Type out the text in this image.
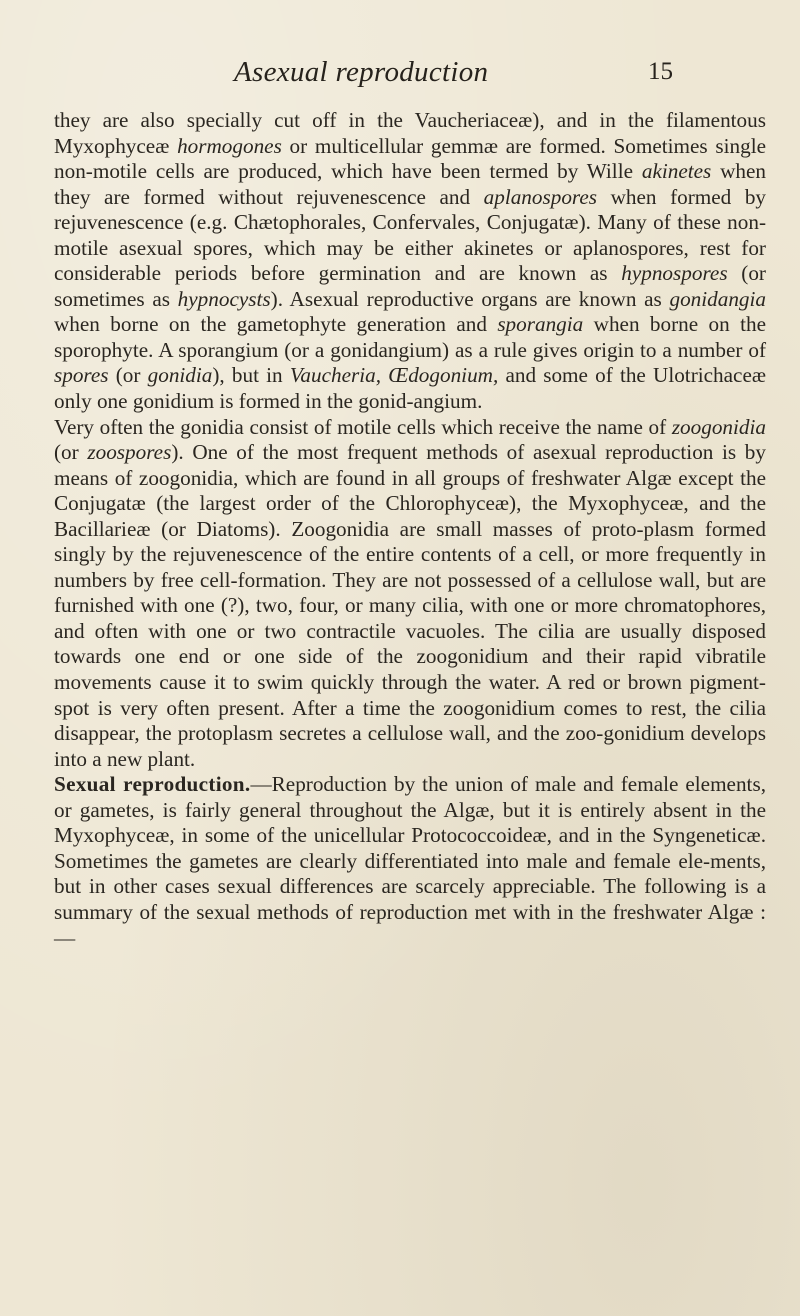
Asexual reproduction	15

they are also specially cut off in the Vaucheriaceæ), and in the filamentous Myxophyceæ hormogones or multicellular gemmæ are formed. Sometimes single non-motile cells are produced, which have been termed by Wille akinetes when they are formed without rejuvenescence and aplanospores when formed by rejuvenescence (e.g. Chætophorales, Confervales, Conjugatæ). Many of these non-motile asexual spores, which may be either akinetes or aplanospores, rest for considerable periods before germination and are known as hypnospores (or sometimes as hypnocysts). Asexual reproductive organs are known as gonidangia when borne on the gametophyte generation and sporangia when borne on the sporophyte. A sporangium (or a gonidangium) as a rule gives origin to a number of spores (or gonidia), but in Vaucheria, Œdogonium, and some of the Ulotrichaceæ only one gonidium is formed in the gonid-angium.

Very often the gonidia consist of motile cells which receive the name of zoogonidia (or zoospores). One of the most frequent methods of asexual reproduction is by means of zoogonidia, which are found in all groups of freshwater Algæ except the Conjugatæ (the largest order of the Chlorophyceæ), the Myxophyceæ, and the Bacillarieæ (or Diatoms). Zoogonidia are small masses of proto-plasm formed singly by the rejuvenescence of the entire contents of a cell, or more frequently in numbers by free cell-formation. They are not possessed of a cellulose wall, but are furnished with one (?), two, four, or many cilia, with one or more chromatophores, and often with one or two contractile vacuoles. The cilia are usually disposed towards one end or one side of the zoogonidium and their rapid vibratile movements cause it to swim quickly through the water. A red or brown pigment-spot is very often present. After a time the zoogonidium comes to rest, the cilia disappear, the protoplasm secretes a cellulose wall, and the zoo-gonidium develops into a new plant.

Sexual reproduction.—Reproduction by the union of male and female elements, or gametes, is fairly general throughout the Algæ, but it is entirely absent in the Myxophyceæ, in some of the unicellular Protococcoideæ, and in the Syngeneticæ. Sometimes the gametes are clearly differentiated into male and female ele-ments, but in other cases sexual differences are scarcely appreciable. The following is a summary of the sexual methods of reproduction met with in the freshwater Algæ :—
